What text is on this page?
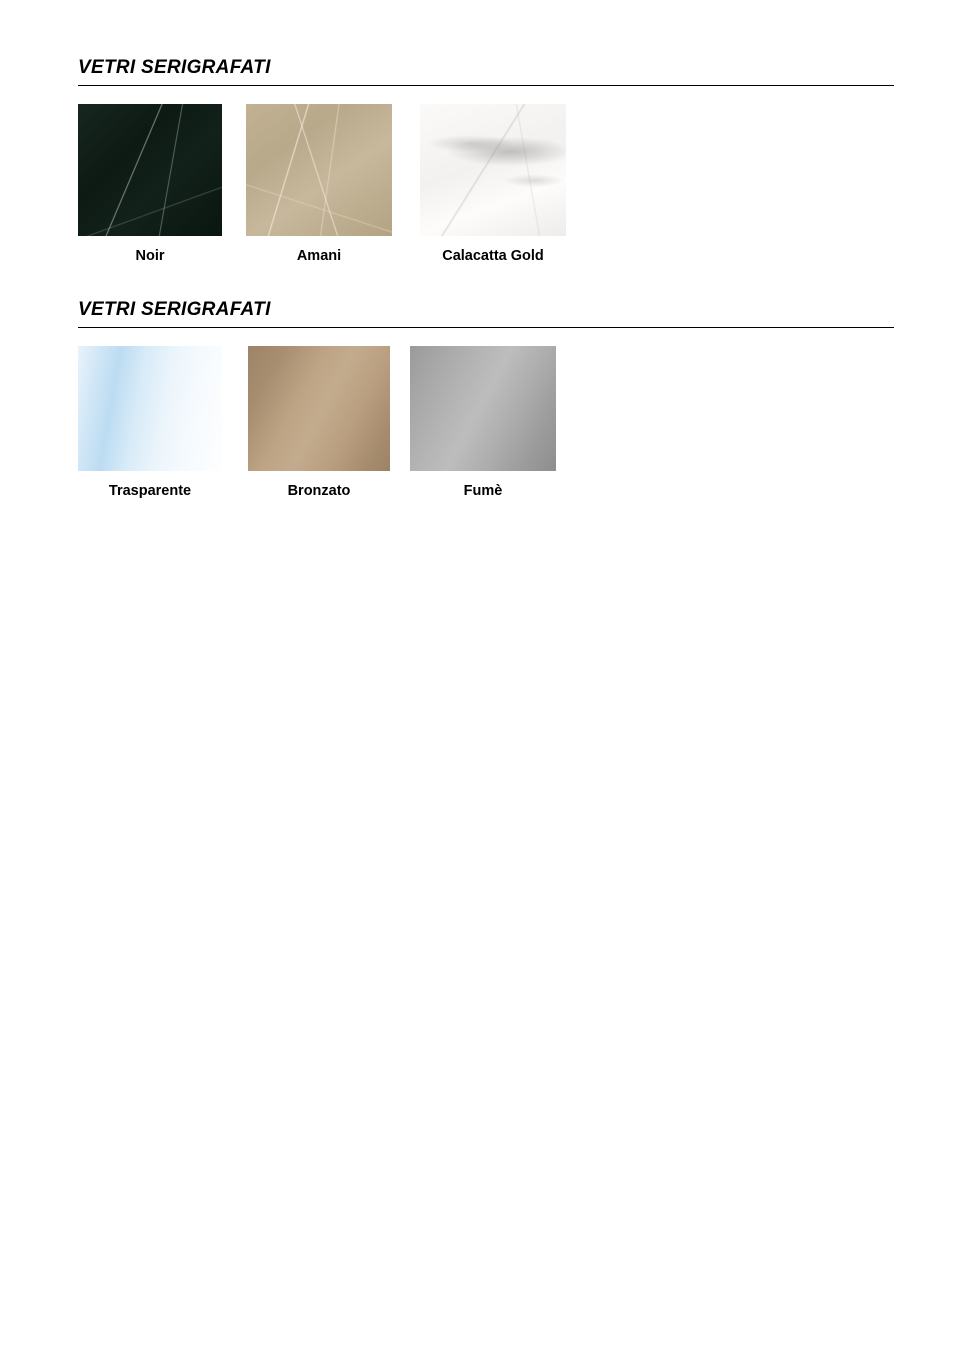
VETRI SERIGRAFATI
Noir	Amani	Calacatta Gold
VETRI SERIGRAFATI
Trasparente	Bronzato	Fumè
